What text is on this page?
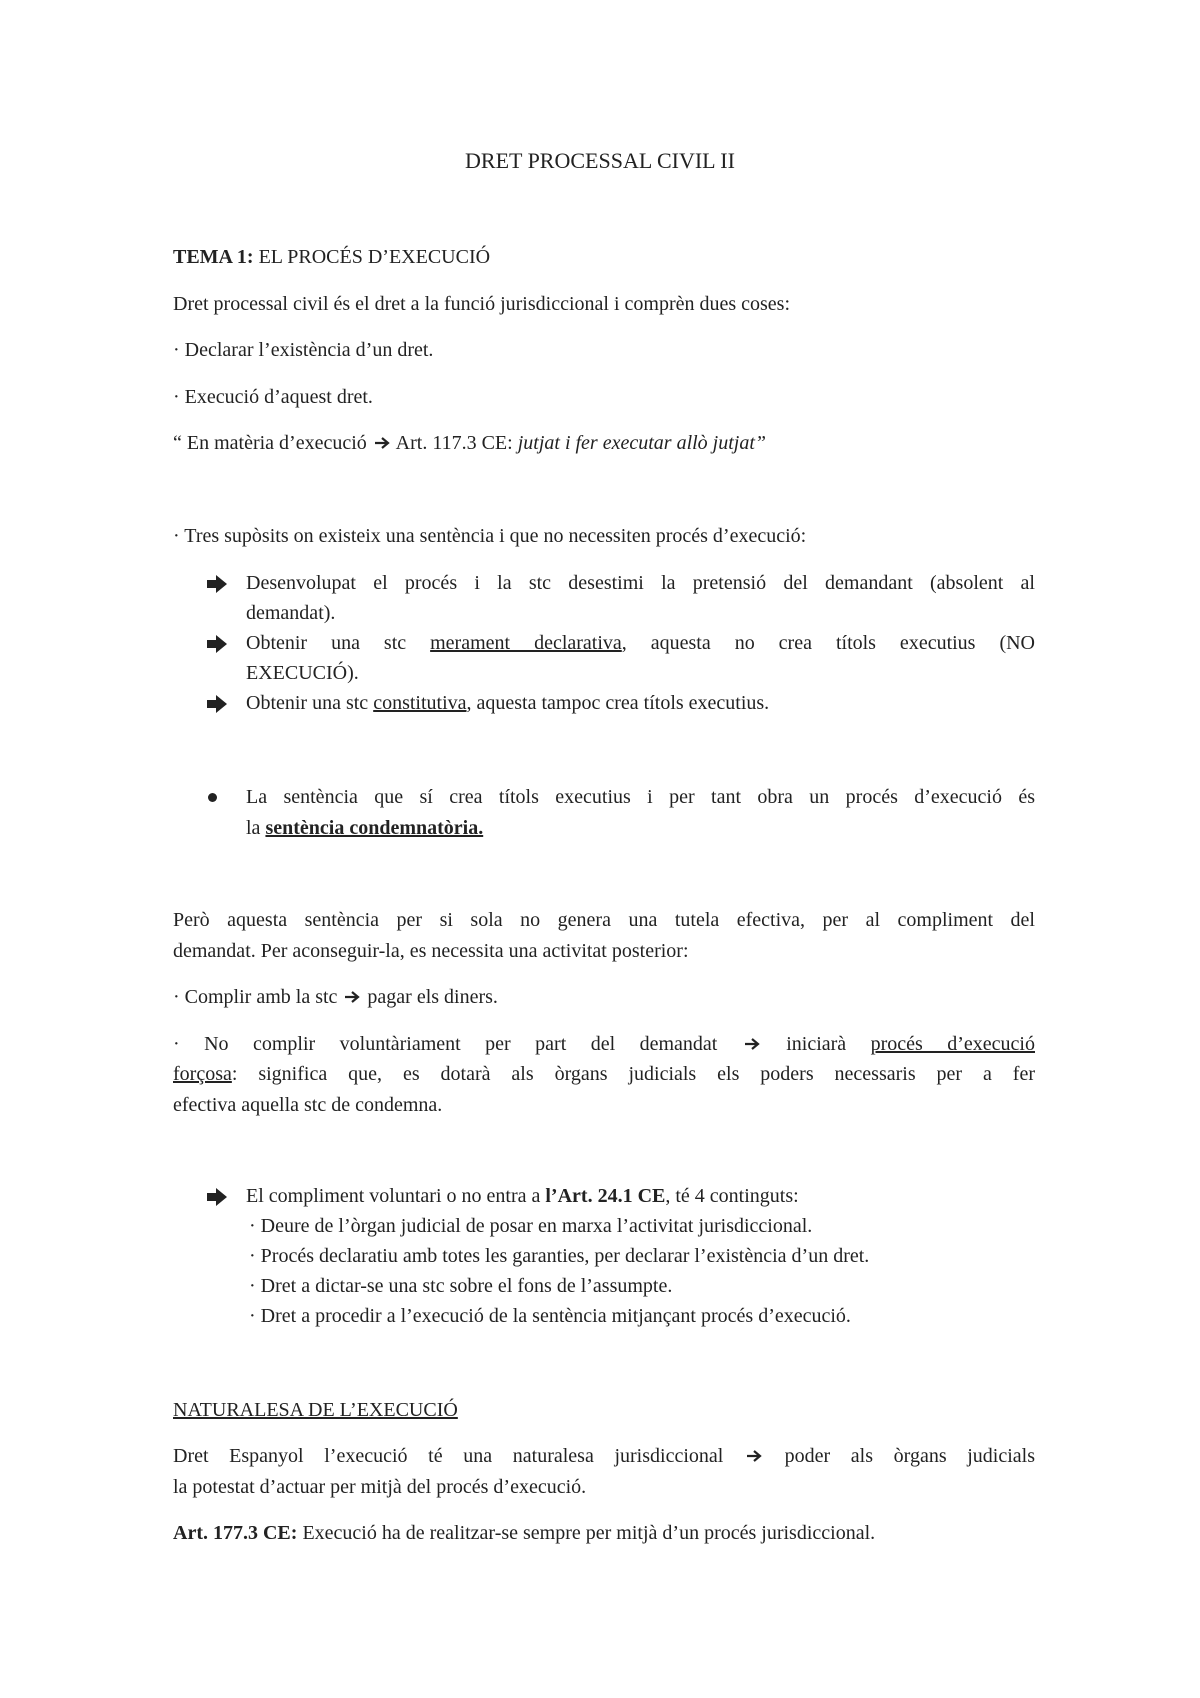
DRET PROCESSAL CIVIL II
TEMA 1: EL PROCÉS D’EXECUCIÓ
Dret processal civil és el dret a la funció jurisdiccional i comprèn dues coses:
· Declarar l’existència d’un dret.
· Execució d’aquest dret.
“ En matèria d’execució  Art. 117.3 CE: jutjat i fer executar allò jutjat”
· Tres supòsits on existeix una sentència i que no necessiten procés d’execució:
Desenvolupat el procés i la stc desestimi la pretensió del demandant (absolent al
demandat).
Obtenir una stc merament declarativa, aquesta no crea títols executius (NO
EXECUCIÓ).
Obtenir una stc constitutiva, aquesta tampoc crea títols executius.
La sentència que sí crea títols executius i per tant obra un procés d’execució és
la sentència condemnatòria.
Però aquesta sentència per si sola no genera una tutela efectiva, per al compliment del
demandat. Per aconseguir-la, es necessita una activitat posterior:
· Complir amb la stc  pagar els diners.
· No complir voluntàriament per part del demandat  iniciarà procés d’execució
forçosa: significa que, es dotarà als òrgans judicials els poders necessaris per a fer
efectiva aquella stc de condemna.
El compliment voluntari o no entra a l’Art. 24.1 CE, té 4 continguts:
· Deure de l’òrgan judicial de posar en marxa l’activitat jurisdiccional.
· Procés declaratiu amb totes les garanties, per declarar l’existència d’un dret.
· Dret a dictar-se una stc sobre el fons de l’assumpte.
· Dret a procedir a l’execució de la sentència mitjançant procés d’execució.
NATURALESA DE L’EXECUCIÓ
Dret Espanyol l’execució té una naturalesa jurisdiccional  poder als òrgans judicials
la potestat d’actuar per mitjà del procés d’execució.
Art. 177.3 CE: Execució ha de realitzar-se sempre per mitjà d’un procés jurisdiccional.
